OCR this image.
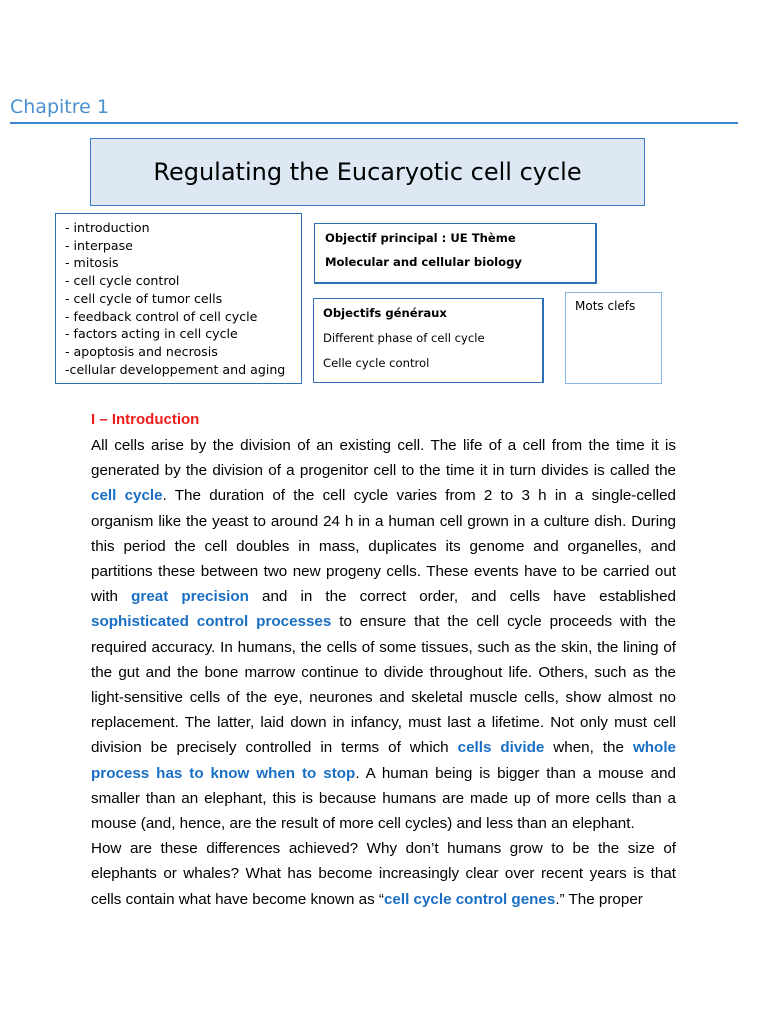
Chapitre 1
Regulating the Eucaryotic cell cycle
- introduction
- interpase
- mitosis
- cell cycle control
- cell cycle of tumor cells
- feedback control of cell cycle
- factors acting in cell cycle
- apoptosis and necrosis
-cellular developpement and aging
Objectif principal : UE Thème
Molecular and cellular biology
Objectifs généraux
Different phase of cell cycle
Celle cycle control
Mots clefs
I – Introduction

All cells arise by the division of an existing cell. The life of a cell from the time it is generated by the division of a progenitor cell to the time it in turn divides is called the cell cycle. The duration of the cell cycle varies from 2 to 3 h in a single-celled organism like the yeast to around 24 h in a human cell grown in a culture dish. During this period the cell doubles in mass, duplicates its genome and organelles, and partitions these between two new progeny cells. These events have to be carried out with great precision and in the correct order, and cells have established sophisticated control processes to ensure that the cell cycle proceeds with the required accuracy. In humans, the cells of some tissues, such as the skin, the lining of the gut and the bone marrow continue to divide throughout life. Others, such as the light-sensitive cells of the eye, neurones and skeletal muscle cells, show almost no replacement. The latter, laid down in infancy, must last a lifetime. Not only must cell division be precisely controlled in terms of which cells divide when, the whole process has to know when to stop. A human being is bigger than a mouse and smaller than an elephant, this is because humans are made up of more cells than a mouse (and, hence, are the result of more cell cycles) and less than an elephant.

How are these differences achieved? Why don’t humans grow to be the size of elephants or whales? What has become increasingly clear over recent years is that cells contain what have become known as “cell cycle control genes.” The proper
